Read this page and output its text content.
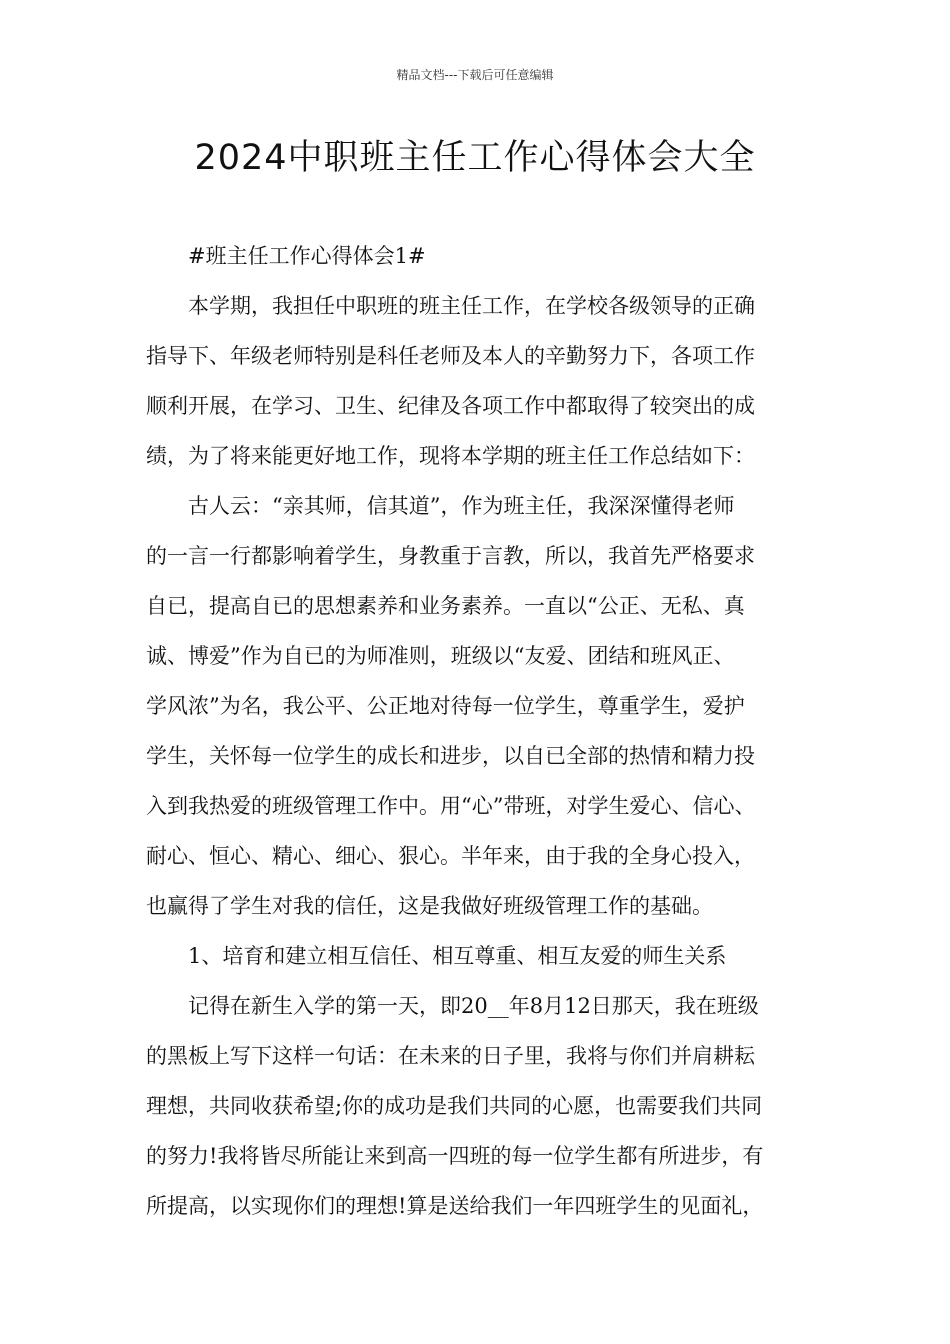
精品文档---下载后可任意编辑
2024中职班主任工作心得体会大全
#班主任工作心得体会1#
本学期，我担任中职班的班主任工作，在学校各级领导的正确
指导下、年级老师特别是科任老师及本人的辛勤努力下，各项工作
顺利开展，在学习、卫生、纪律及各项工作中都取得了较突出的成
绩，为了将来能更好地工作，现将本学期的班主任工作总结如下：
古人云：“亲其师，信其道”，作为班主任，我深深懂得老师
的一言一行都影响着学生，身教重于言教，所以，我首先严格要求
自已，提高自已的思想素养和业务素养。一直以“公正、无私、真
诚、博爱”作为自已的为师准则，班级以“友爱、团结和班风正、
学风浓”为名，我公平、公正地对待每一位学生，尊重学生，爱护
学生，关怀每一位学生的成长和进步，以自已全部的热情和精力投
入到我热爱的班级管理工作中。用“心”带班，对学生爱心、信心、
耐心、恒心、精心、细心、狠心。半年来，由于我的全身心投入，
也赢得了学生对我的信任，这是我做好班级管理工作的基础。
1、培育和建立相互信任、相互尊重、相互友爱的师生关系
记得在新生入学的第一天，即20__年8月12日那天，我在班级
的黑板上写下这样一句话：在未来的日子里，我将与你们并肩耕耘
理想，共同收获希望;你的成功是我们共同的心愿，也需要我们共同
的努力!我将皆尽所能让来到高一四班的每一位学生都有所进步，有
所提高，以实现你们的理想!算是送给我们一年四班学生的见面礼，
